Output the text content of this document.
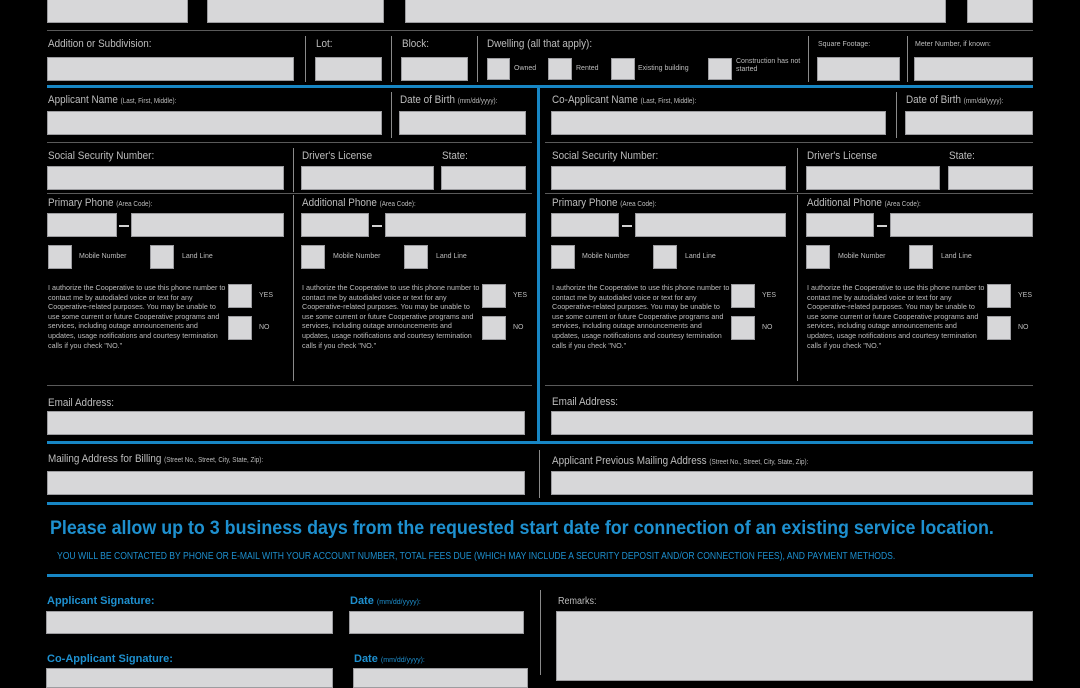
Addition or Subdivision:	Lot:	Block:	Dwelling (all that apply):
Owned	Rented	Existing building
Construction has not started
Square Footage:	Meter Number, if known:
Applicant Name (Last, First, Middle):	Date of Birth (mm/dd/yyyy):
Social Security Number:	Driver's License	State:
Primary Phone (Area Code):	Additional Phone (Area Code):
Mobile Number	Land Line	Mobile Number	Land Line
I authorize the Cooperative to use this phone number to contact me by autodialed voice or text for any Cooperative-related purposes. You may be unable to use some current or future Cooperative programs and services, including outage announcements and updates, usage notifications and courtesy termination calls if you check "NO."
YES
NO
I authorize the Cooperative to use this phone number to contact me by autodialed voice or text for any Cooperative-related purposes. You may be unable to use some current or future Cooperative programs and services, including outage announcements and updates, usage notifications and courtesy termination calls if you check "NO."
YES
NO
Email Address:
Co-Applicant Name (Last, First, Middle):	Date of Birth (mm/dd/yyyy):
Social Security Number:	Driver's License	State:
Primary Phone (Area Code):	Additional Phone (Area Code):
Mobile Number	Land Line	Mobile Number	Land Line
I authorize the Cooperative to use this phone number to contact me by autodialed voice or text for any Cooperative-related purposes. You may be unable to use some current or future Cooperative programs and services, including outage announcements and updates, usage notifications and courtesy termination calls if you check "NO."
YES
NO
I authorize the Cooperative to use this phone number to contact me by autodialed voice or text for any Cooperative-related purposes. You may be unable to use some current or future Cooperative programs and services, including outage announcements and updates, usage notifications and courtesy termination calls if you check "NO."
YES
NO
Email Address:
Mailing Address for Billing (Street No., Street, City, State, Zip):	Applicant Previous Mailing Address (Street No., Street, City, State, Zip):
Please allow up to 3 business days from the requested start date for connection of an existing service location.
YOU WILL BE CONTACTED BY PHONE OR E-MAIL WITH YOUR ACCOUNT NUMBER, TOTAL FEES DUE (WHICH MAY INCLUDE A SECURITY DEPOSIT AND/OR CONNECTION FEES), AND PAYMENT METHODS.
Applicant Signature:	Date (mm/dd/yyyy):	Remarks:
Co-Applicant Signature:	Date (mm/dd/yyyy):
